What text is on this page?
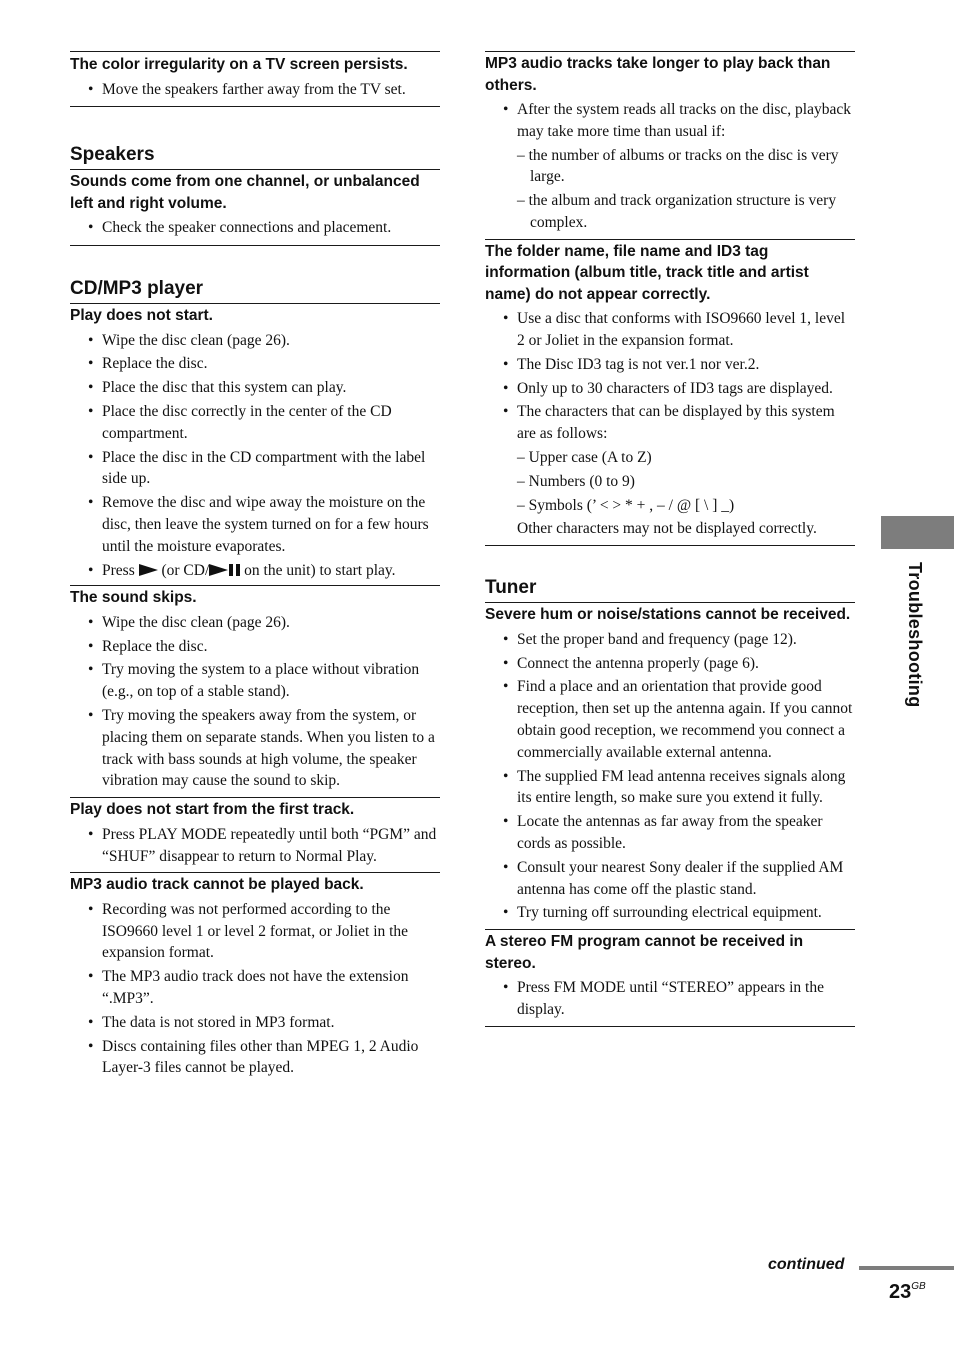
The color irregularity on a TV screen persists.

• Move the speakers farther away from the TV set.
Speakers

Sounds come from one channel, or unbalanced left and right volume.

• Check the speaker connections and placement.
CD/MP3 player

Play does not start.

• Wipe the disc clean (page 26).
• Replace the disc.
• Place the disc that this system can play.
• Place the disc correctly in the center of the CD compartment.
• Place the disc in the CD compartment with the label side up.
• Remove the disc and wipe away the moisture on the disc, then leave the system turned on for a few hours until the moisture evaporates.
• Press (or CD/ on the unit) to start play.

The sound skips.

• Wipe the disc clean (page 26).
• Replace the disc.
• Try moving the system to a place without vibration (e.g., on top of a stable stand).
• Try moving the speakers away from the system, or placing them on separate stands. When you listen to a track with bass sounds at high volume, the speaker vibration may cause the sound to skip.

Play does not start from the first track.

• Press PLAY MODE repeatedly until both “PGM” and “SHUF” disappear to return to Normal Play.

MP3 audio track cannot be played back.

• Recording was not performed according to the ISO9660 level 1 or level 2 format, or Joliet in the expansion format.
• The MP3 audio track does not have the extension “.MP3”.
• The data is not stored in MP3 format.
• Discs containing files other than MPEG 1, 2 Audio Layer-3 files cannot be played.

MP3 audio tracks take longer to play back than others.

• After the system reads all tracks on the disc, playback may take more time than usual if:
– the number of albums or tracks on the disc is very large.
– the album and track organization structure is very complex.

The folder name, file name and ID3 tag information (album title, track title and artist name) do not appear correctly.

• Use a disc that conforms with ISO9660 level 1, level 2 or Joliet in the expansion format.
• The Disc ID3 tag is not ver.1 nor ver.2.
• Only up to 30 characters of ID3 tags are displayed.
• The characters that can be displayed by this system are as follows:
– Upper case (A to Z)
– Numbers (0 to 9)
– Symbols (’ < > * + , – / @ [ \ ] _)
Other characters may not be displayed correctly.
Tuner

Severe hum or noise/stations cannot be received.

• Set the proper band and frequency (page 12).
• Connect the antenna properly (page 6).
• Find a place and an orientation that provide good reception, then set up the antenna again. If you cannot obtain good reception, we recommend you connect a commercially available external antenna.
• The supplied FM lead antenna receives signals along its entire length, so make sure you extend it fully.
• Locate the antennas as far away from the speaker cords as possible.
• Consult your nearest Sony dealer if the supplied AM antenna has come off the plastic stand.
• Try turning off surrounding electrical equipment.

A stereo FM program cannot be received in stereo.

• Press FM MODE until “STEREO” appears in the display.
Troubleshooting
continued
$23^{GB}$
